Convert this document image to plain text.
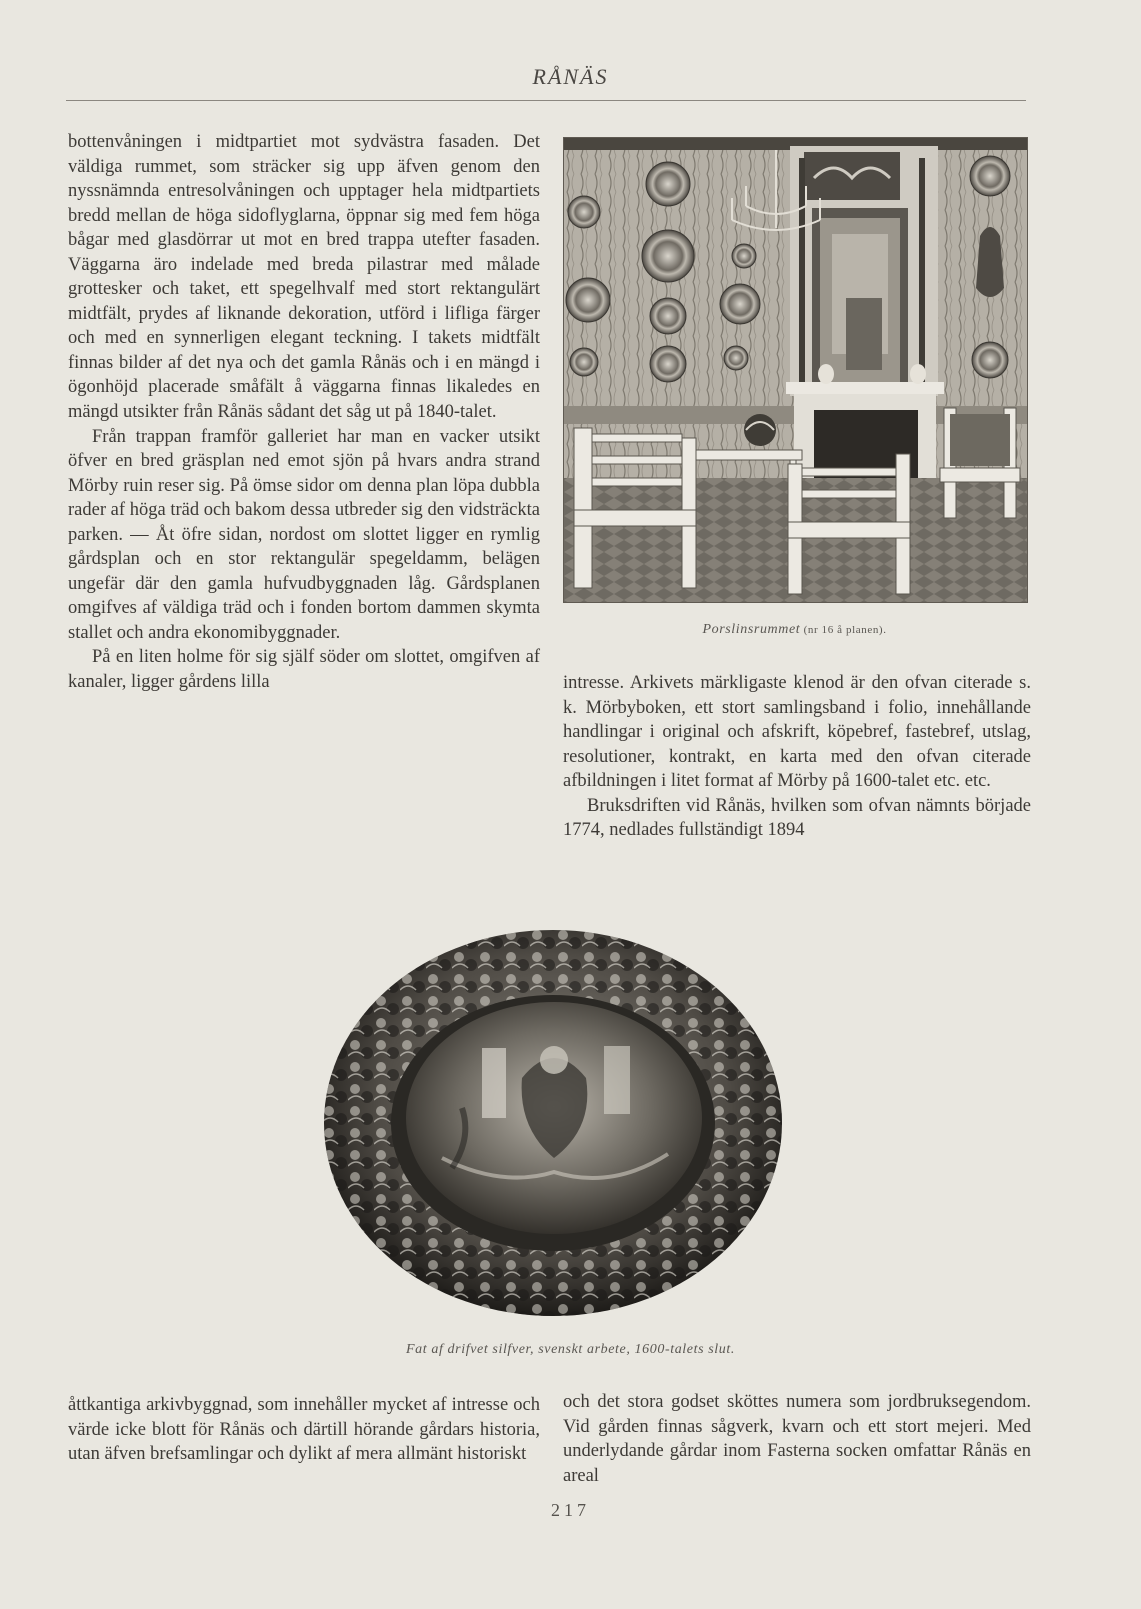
RÅNÄS

bottenvåningen i midtpartiet mot sydvästra fasaden. Det väldiga rummet, som sträcker sig upp äfven genom den nyssnämnda entresolvåningen och upptager hela midtpartiets bredd mellan de höga sidoflyglarna, öppnar sig med fem höga bågar med glasdörrar ut mot en bred trappa utefter fasaden. Väggarna äro indelade med breda pilastrar med målade grottesker och taket, ett spegelhvalf med stort rektangulärt midtfält, prydes af liknande dekoration, utförd i lifliga färger och med en synnerligen elegant teckning. I takets midtfält finnas bilder af det nya och det gamla Rånäs och i en mängd i ögonhöjd placerade småfält å väggarna finnas likaledes en mängd utsikter från Rånäs sådant det såg ut på 1840-talet.

Från trappan framför galleriet har man en vacker utsikt öfver en bred gräsplan ned emot sjön på hvars andra strand Mörby ruin reser sig. På ömse sidor om denna plan löpa dubbla rader af höga träd och bakom dessa utbreder sig den vidsträckta parken. — Åt öfre sidan, nordost om slottet ligger en rymlig gårdsplan och en stor rektangulär spegeldamm, belägen ungefär där den gamla hufvudbyggnaden låg. Gårdsplanen omgifves af väldiga träd och i fonden bortom dammen skymta stallet och andra ekonomibyggnader.

På en liten holme för sig själf söder om slottet, omgifven af kanaler, ligger gårdens lilla

Porslinsrummet (nr 16 å planen).

intresse. Arkivets märkligaste klenod är den ofvan citerade s. k. Mörbyboken, ett stort samlingsband i folio, innehållande handlingar i original och afskrift, köpebref, fastebref, utslag, resolutioner, kontrakt, en karta med den ofvan citerade afbildningen i litet format af Mörby på 1600-talet etc. etc.

Bruksdriften vid Rånäs, hvilken som ofvan nämnts började 1774, nedlades fullständigt 1894

Fat af drifvet silfver, svenskt arbete, 1600-talets slut.

åttkantiga arkivbyggnad, som innehåller mycket af intresse och värde icke blott för Rånäs och därtill hörande gårdars historia, utan äfven brefsamlingar och dylikt af mera allmänt historiskt

och det stora godset sköttes numera som jordbruksegendom. Vid gården finnas sågverk, kvarn och ett stort mejeri. Med underlydande gårdar inom Fasterna socken omfattar Rånäs en areal

217
